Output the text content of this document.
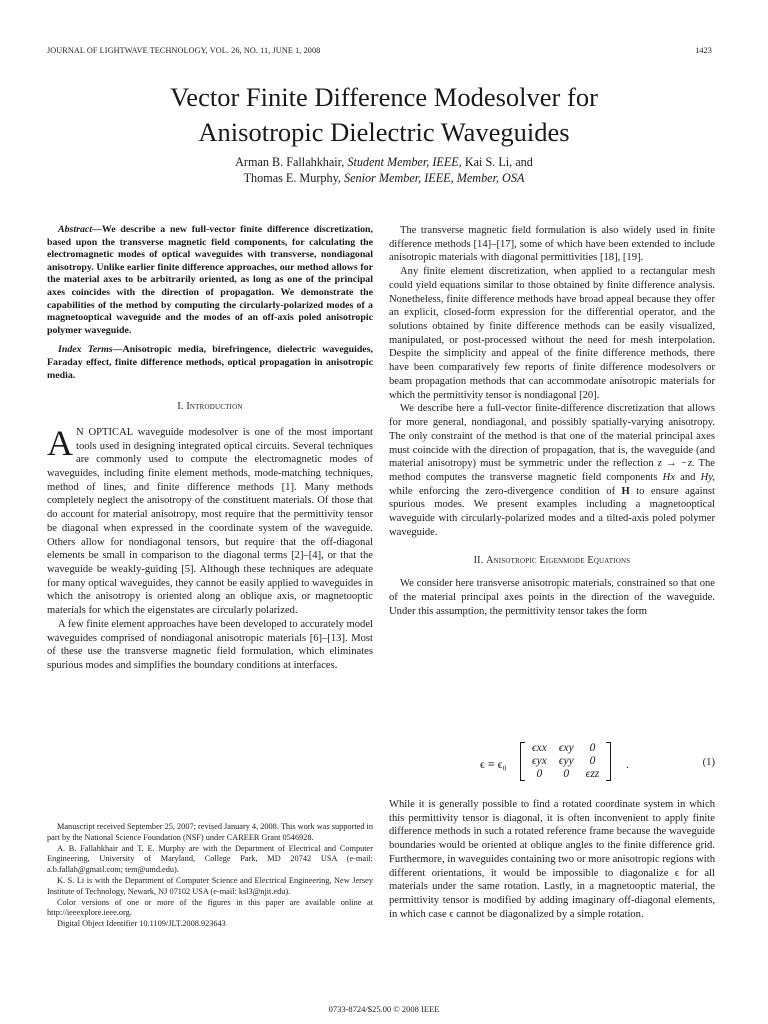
JOURNAL OF LIGHTWAVE TECHNOLOGY, VOL. 26, NO. 11, JUNE 1, 2008	1423
Vector Finite Difference Modesolver for
Anisotropic Dielectric Waveguides
Arman B. Fallahkhair, Student Member, IEEE, Kai S. Li, and
Thomas E. Murphy, Senior Member, IEEE, Member, OSA

Abstract—We describe a new full-vector finite difference discretization, based upon the transverse magnetic field components, for calculating the electromagnetic modes of optical waveguides with transverse, nondiagonal anisotropy. Unlike earlier finite difference approaches, our method allows for the material axes to be arbitrarily oriented, as long as one of the principal axes coincides with the direction of propagation. We demonstrate the capabilities of the method by computing the circularly-polarized modes of a magnetooptical waveguide and the modes of an off-axis poled anisotropic polymer waveguide.

Index Terms—Anisotropic media, birefringence, dielectric waveguides, Faraday effect, finite difference methods, optical propagation in anisotropic media.

I. Introduction

A N OPTICAL waveguide modesolver is one of the most important tools used in designing integrated optical circuits. Several techniques are commonly used to compute the electromagnetic modes of waveguides, including finite element methods, mode-matching techniques, method of lines, and finite difference methods [1]. Many methods completely neglect the anisotropy of the constituent materials. Of those that do account for material anisotropy, most require that the permittivity tensor be diagonal when expressed in the coordinate system of the waveguide. Others allow for nondiagonal tensors, but require that the off-diagonal elements be small in comparison to the diagonal terms [2]–[4], or that the waveguide be weakly-guiding [5]. Although these techniques are adequate for many optical waveguides, they cannot be easily applied to waveguides in which the anisotropy is oriented along an oblique axis, or magnetooptic materials for which the eigenstates are circularly polarized.

A few finite element approaches have been developed to accurately model waveguides comprised of nondiagonal anisotropic materials [6]–[13]. Most of these use the transverse magnetic field formulation, which eliminates spurious modes and simplifies the boundary conditions at interfaces.

Manuscript received September 25, 2007; revised January 4, 2008. This work was supported in part by the National Science Foundation (NSF) under CAREER Grant 0546928.

A. B. Fallahkhair and T. E. Murphy are with the Department of Electrical and Computer Engineering, University of Maryland, College Park, MD 20742 USA (e-mail: a.b.fallah@gmail.com; tem@umd.edu).

K. S. Li is with the Department of Computer Science and Electrical Engineering, New Jersey Institute of Technology, Newark, NJ 07102 USA (e-mail: ksl3@njit.edu).

Color versions of one or more of the figures in this paper are available online at http://ieeexplore.ieee.org.

Digital Object Identifier 10.1109/JLT.2008.923643

The transverse magnetic field formulation is also widely used in finite difference methods [14]–[17], some of which have been extended to include anisotropic materials with diagonal permittivities [18], [19].

Any finite element discretization, when applied to a rectangular mesh could yield equations similar to those obtained by finite difference analysis. Nonetheless, finite difference methods have broad appeal because they offer an explicit, closed-form expression for the differential operator, and the solutions obtained by finite difference methods can be easily visualized, manipulated, or post-processed without the need for mesh interpolation. Despite the simplicity and appeal of the finite difference methods, there have been comparatively few reports of finite difference modesolvers or beam propagation methods that can accommodate anisotropic materials for which the permittivity tensor is nondiagonal [20].

We describe here a full-vector finite-difference discretization that allows for more general, nondiagonal, and possibly spatially-varying anisotropy. The only constraint of the method is that one of the material principal axes must coincide with the direction of propagation, that is, the waveguide (and material anisotropy) must be symmetric under the reflection z → −z. The method computes the transverse magnetic field components Hx and Hy, while enforcing the zero-divergence condition of H to ensure against spurious modes. We present examples including a magnetooptical waveguide with circularly-polarized modes and a tilted-axis poled polymer waveguide.

II. Anisotropic Eigenmode Equations

We consider here transverse anisotropic materials, constrained so that one of the material principal axes points in the direction of the waveguide. Under this assumption, the permittivity tensor takes the form

ϵ ≡ ϵ₀
ϵxx	ϵxy	0
ϵyx	ϵyy	0
0	0	ϵzz
.	(1)

While it is generally possible to find a rotated coordinate system in which this permittivity tensor is diagonal, it is often inconvenient to apply finite difference methods in such a rotated reference frame because the waveguide boundaries would be oriented at oblique angles to the finite difference grid. Furthermore, in waveguides containing two or more anisotropic regions with different orientations, it would be impossible to diagonalize ϵ for all materials under the same rotation. Lastly, in a magnetooptic material, the permittivity tensor is modified by adding imaginary off-diagonal elements, in which case ϵ cannot be diagonalized by a simple rotation.

0733-8724/$25.00 © 2008 IEEE
